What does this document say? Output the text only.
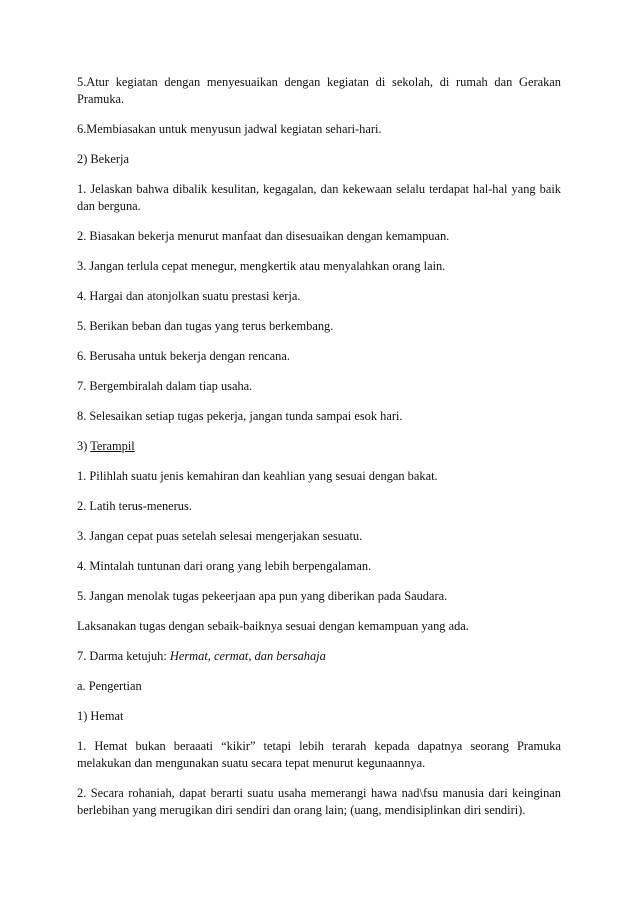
5.Atur kegiatan dengan menyesuaikan dengan kegiatan di sekolah, di rumah dan Gerakan Pramuka.

6.Membiasakan untuk menyusun jadwal kegiatan sehari-hari.

2) Bekerja

1. Jelaskan bahwa dibalik kesulitan, kegagalan, dan kekewaan selalu terdapat hal-hal yang baik dan berguna.

2. Biasakan bekerja menurut manfaat dan disesuaikan dengan kemampuan.

3. Jangan terlula cepat menegur, mengkertik atau menyalahkan orang lain.

4. Hargai dan atonjolkan suatu prestasi kerja.

5. Berikan beban dan tugas yang terus berkembang.

6. Berusaha untuk bekerja dengan rencana.

7. Bergembiralah dalam tiap usaha.

8. Selesaikan setiap tugas pekerja, jangan tunda sampai esok hari.

3) Terampil

1. Pilihlah suatu jenis kemahiran dan keahlian yang sesuai dengan bakat.

2. Latih terus-menerus.

3. Jangan cepat puas setelah selesai mengerjakan sesuatu.

4. Mintalah tuntunan dari orang yang lebih berpengalaman.

5. Jangan menolak tugas pekeerjaan apa pun yang diberikan pada Saudara.

Laksanakan tugas dengan sebaik-baiknya sesuai dengan kemampuan yang ada.

7. Darma ketujuh: Hermat, cermat, dan bersahaja

a. Pengertian

1) Hemat

1. Hemat bukan beraaati “kikir” tetapi lebih terarah kepada dapatnya seorang Pramuka melakukan dan mengunakan suatu secara tepat menurut kegunaannya.

2. Secara rohaniah, dapat berarti suatu usaha memerangi hawa nad\fsu manusia dari keinginan berlebihan yang merugikan diri sendiri dan orang lain; (uang, mendisiplinkan diri sendiri).
